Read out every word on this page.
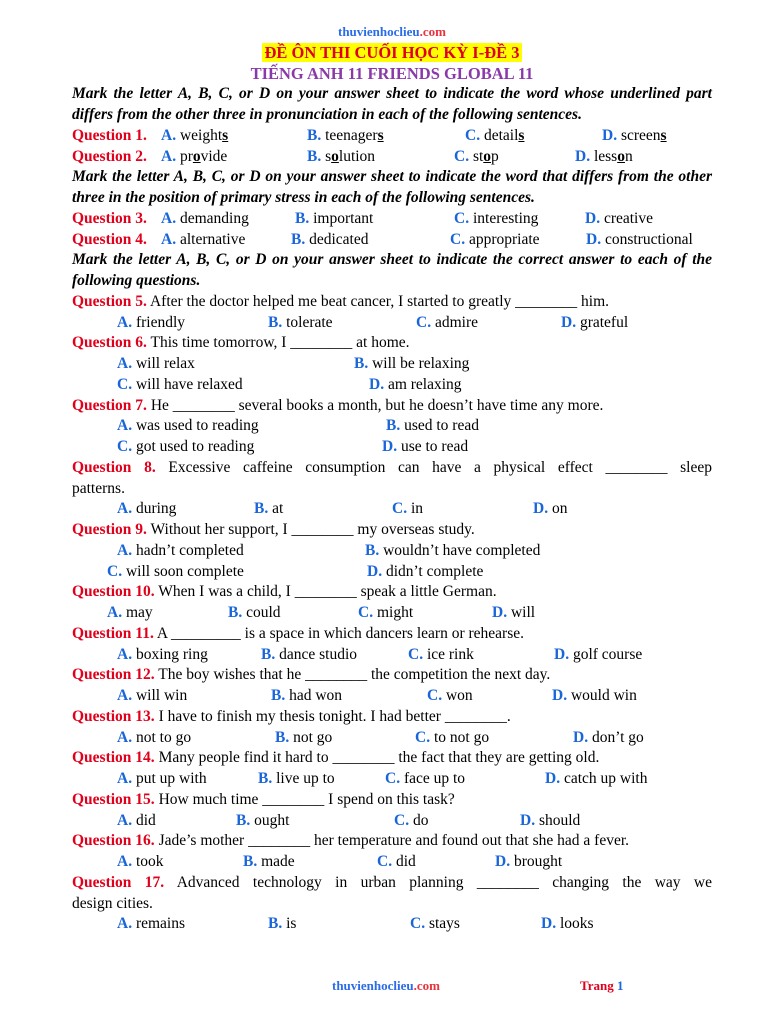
thuvienhoclieu.com
ĐỀ ÔN THI CUỐI HỌC KỲ I-ĐỀ 3
TIẾNG ANH 11 FRIENDS GLOBAL 11
Mark the letter A, B, C, or D on your answer sheet to indicate the word whose underlined part differs from the other three in pronunciation in each of the following sentences.
Question 1. A. weights	B. teenagers	C. details	D. screens
Question 2. A. provide	B. solution	C. stop	D. lesson
Mark the letter A, B, C, or D on your answer sheet to indicate the word that differs from the other three in the position of primary stress in each of the following sentences.
Question 3. A. demanding	B. important	C. interesting	D. creative
Question 4. A. alternative	B. dedicated	C. appropriate	D. constructional
Mark the letter A, B, C, or D on your answer sheet to indicate the correct answer to each of the following questions.
Question 5. After the doctor helped me beat cancer, I started to greatly ________ him.
A. friendly	B. tolerate	C. admire	D. grateful
Question 6. This time tomorrow, I ________ at home.
A. will relax	B. will be relaxing
C. will have relaxed	D. am relaxing
Question 7. He ________ several books a month, but he doesn’t have time any more.
A. was used to reading	B. used to read
C. got used to reading	D. use to read
Question 8. Excessive caffeine consumption can have a physical effect ________ sleep
patterns.
A. during	B. at	C. in	D. on
Question 9. Without her support, I ________ my overseas study.
A. hadn’t completed	B. wouldn’t have completed
C. will soon complete	D. didn’t complete
Question 10. When I was a child, I ________ speak a little German.
A. may	B. could	C. might	D. will
Question 11. A _________ is a space in which dancers learn or rehearse.
A. boxing ring	B. dance studio	C. ice rink	D. golf course
Question 12. The boy wishes that he ________ the competition the next day.
A. will win	B. had won	C. won	D. would win
Question 13. I have to finish my thesis tonight. I had better ________.
A. not to go	B. not go	C. to not go	D. don’t go
Question 14. Many people find it hard to ________ the fact that they are getting old.
A. put up with	B. live up to	C. face up to	D. catch up with
Question 15. How much time ________ I spend on this task?
A. did	B. ought	C. do	D. should
Question 16. Jade’s mother ________ her temperature and found out that she had a fever.
A. took	B. made	C. did	D. brought
Question 17. Advanced technology in urban planning ________ changing the way we
design cities.
A. remains	B. is	C. stays	D. looks
thuvienhoclieu.com	Trang 1
